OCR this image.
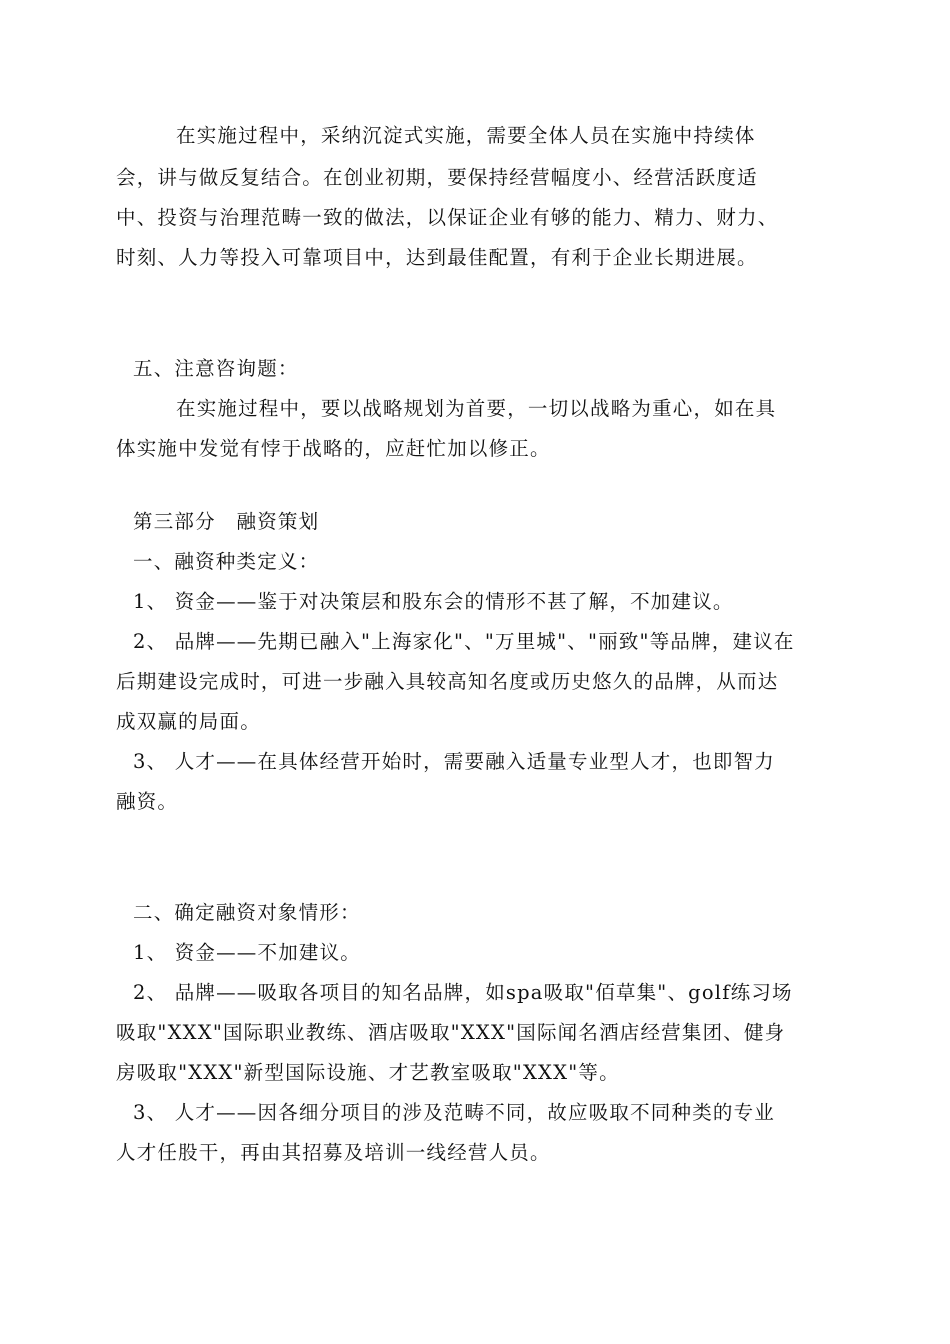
在实施过程中，采纳沉淀式实施，需要全体人员在实施中持续体
会，讲与做反复结合。在创业初期，要保持经营幅度小、经营活跃度适
中、投资与治理范畴一致的做法，以保证企业有够的能力、精力、财力、
时刻、人力等投入可靠项目中，达到最佳配置，有利于企业长期进展。
五、注意咨询题：
在实施过程中，要以战略规划为首要，一切以战略为重心，如在具
体实施中发觉有悖于战略的，应赶忙加以修正。
第三部分　融资策划
一、融资种类定义：
1、 资金——鉴于对决策层和股东会的情形不甚了解，不加建议。
2、 品牌——先期已融入"上海家化"、"万里城"、"丽致"等品牌，建议在
后期建设完成时，可进一步融入具较高知名度或历史悠久的品牌，从而达
成双赢的局面。
3、 人才——在具体经营开始时，需要融入适量专业型人才，也即智力
融资。
二、确定融资对象情形：
1、 资金——不加建议。
2、 品牌——吸取各项目的知名品牌，如spa吸取"佰草集"、golf练习场
吸取"XXX"国际职业教练、酒店吸取"XXX"国际闻名酒店经营集团、健身
房吸取"XXX"新型国际设施、才艺教室吸取"XXX"等。
3、 人才——因各细分项目的涉及范畴不同，故应吸取不同种类的专业
人才任股干，再由其招募及培训一线经营人员。
